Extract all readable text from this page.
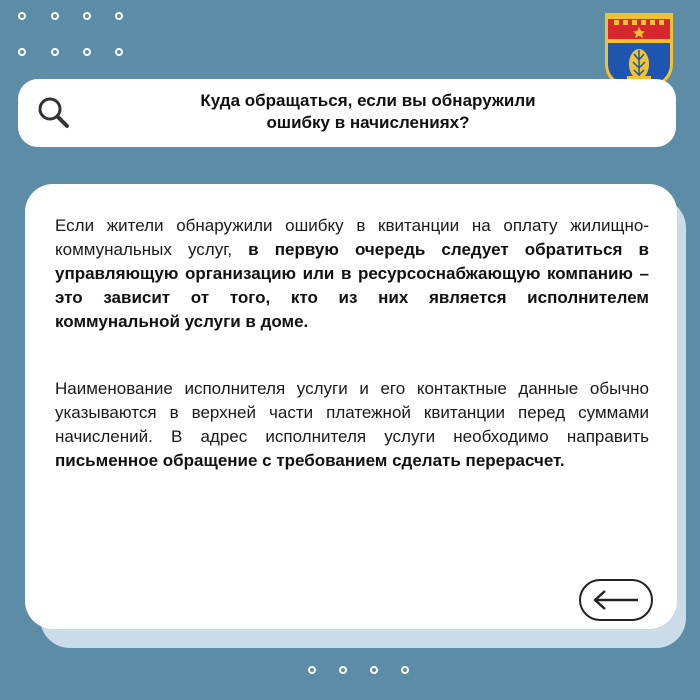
Куда обращаться, если вы обнаружили
ошибку в начислениях?

Если жители обнаружили ошибку в квитанции на оплату жилищно-коммунальных услуг, в первую очередь следует обратиться в управляющую организацию или в ресурсоснабжающую компанию – это зависит от того, кто из них является исполнителем коммунальной услуги в доме.

Наименование исполнителя услуги и его контактные данные обычно указываются в верхней части платежной квитанции перед суммами начислений. В адрес исполнителя услуги необходимо направить письменное обращение с требованием сделать перерасчет.
